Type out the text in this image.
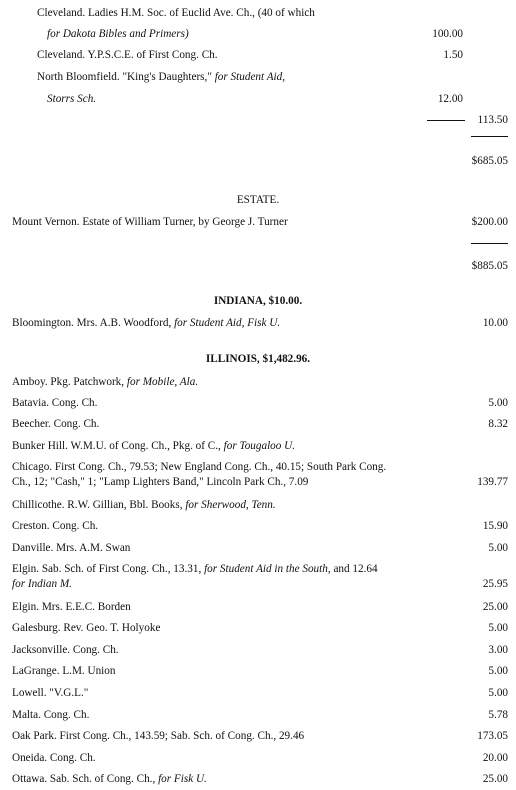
Cleveland. Ladies H.M. Soc. of Euclid Ave. Ch., (40 of which
for Dakota Bibles and Primers)	100.00
Cleveland. Y.P.S.C.E. of First Cong. Ch.	1.50
North Bloomfield. "King's Daughters," for Student Aid,
Storrs Sch.	12.00
113.50
$685.05
ESTATE.
Mount Vernon. Estate of William Turner, by George J. Turner	$200.00
$885.05
INDIANA, $10.00.
Bloomington. Mrs. A.B. Woodford, for Student Aid, Fisk U.	10.00
ILLINOIS, $1,482.96.
Amboy. Pkg. Patchwork, for Mobile, Ala.
Batavia. Cong. Ch.	5.00
Beecher. Cong. Ch.	8.32
Bunker Hill. W.M.U. of Cong. Ch., Pkg. of C., for Tougaloo U.
Chicago. First Cong. Ch., 79.53; New England Cong. Ch., 40.15; South Park Cong.
Ch., 12; "Cash," 1; "Lamp Lighters Band," Lincoln Park Ch., 7.09	139.77
Chillicothe. R.W. Gillian, Bbl. Books, for Sherwood, Tenn.
Creston. Cong. Ch.	15.90
Danville. Mrs. A.M. Swan	5.00
Elgin. Sab. Sch. of First Cong. Ch., 13.31, for Student Aid in the South, and 12.64
for Indian M.	25.95
Elgin. Mrs. E.E.C. Borden	25.00
Galesburg. Rev. Geo. T. Holyoke	5.00
Jacksonville. Cong. Ch.	3.00
LaGrange. L.M. Union	5.00
Lowell. "V.G.L."	5.00
Malta. Cong. Ch.	5.78
Oak Park. First Cong. Ch., 143.59; Sab. Sch. of Cong. Ch., 29.46	173.05
Oneida. Cong. Ch.	20.00
Ottawa. Sab. Sch. of Cong. Ch., for Fisk U.	25.00
